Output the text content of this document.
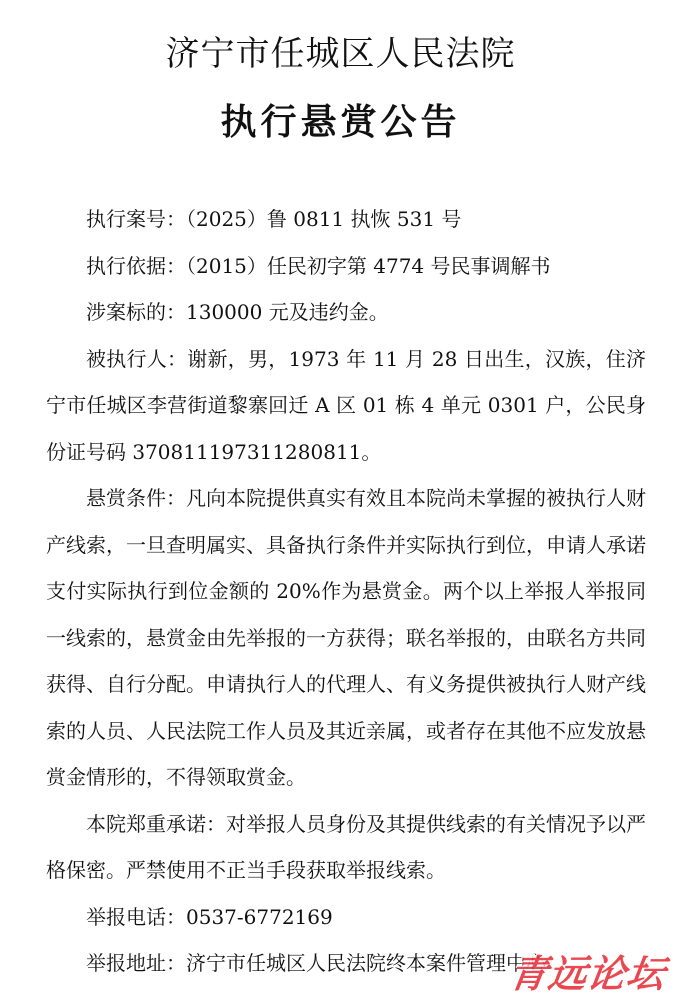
济宁市任城区人民法院
执行悬赏公告

执行案号：（2025）鲁 0811 执恢 531 号

执行依据：（2015）任民初字第 4774 号民事调解书

涉案标的：130000 元及违约金。

被执行人：谢新，男，1973 年 11 月 28 日出生，汉族，住济宁市任城区李营街道黎寨回迁 A 区 01 栋 4 单元 0301 户，公民身份证号码 370811197311280811。

悬赏条件：凡向本院提供真实有效且本院尚未掌握的被执行人财产线索，一旦查明属实、具备执行条件并实际执行到位，申请人承诺支付实际执行到位金额的 20%作为悬赏金。两个以上举报人举报同一线索的，悬赏金由先举报的一方获得；联名举报的，由联名方共同获得、自行分配。申请执行人的代理人、有义务提供被执行人财产线索的人员、人民法院工作人员及其近亲属，或者存在其他不应发放悬赏金情形的，不得领取赏金。

本院郑重承诺：对举报人员身份及其提供线索的有关情况予以严格保密。严禁使用不正当手段获取举报线索。

举报电话：0537-6772169

举报地址：济宁市任城区人民法院终本案件管理中心

青远论坛
